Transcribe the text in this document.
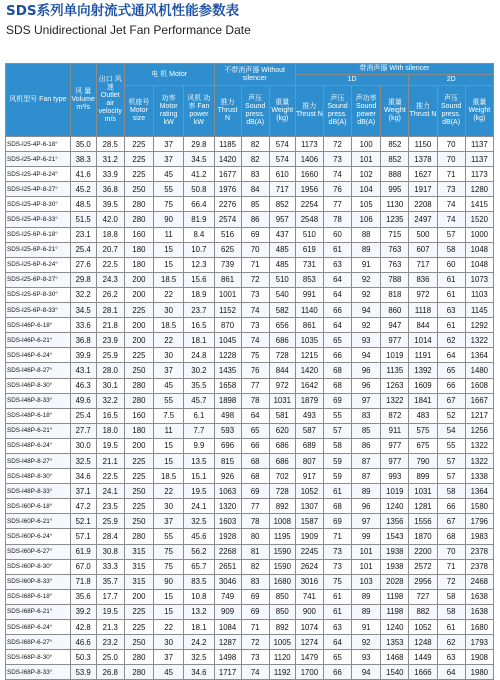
SDS系列单向射流式通风机性能参数表
SDS Unidirectional Jet Fan Performance Date
风机型号 Fan type	风 量 Volume m³/s	出口 风速 Outlet air velocity m/s	电 机 Motor			不带消声器 Without silencer			带消声器 With silencer						
									1D				2D		
			机座号 Motor size	功率 Motor rating kW	风机 功率 Fan power kW	推力 Thrust N	声压 Sound press. dB(A)	重量 Weight (kg)	推力 Thrust N	声压 Sound press. dB(A)	声功率 Sound power dB(A)	重量 Weight (kg)	推力 Thrust N	声压 Sound press. dB(A)	重量 Weight (kg)
SDS-I25-4P-6-18°	35.0	28.5	225	37	29.8	1185	82	574	1173	72	100	852	1150	70	1137
SDS-I25-4P-6-21°	38.3	31.2	225	37	34.5	1420	82	574	1406	73	101	852	1378	70	1137
SDS-I25-4P-6-24°	41.6	33.9	225	45	41.2	1677	83	610	1660	74	102	888	1627	71	1173
SDS-I25-4P-8-27°	45.2	36.8	250	55	50.8	1976	84	717	1956	76	104	995	1917	73	1280
SDS-I25-4P-8-30°	48.5	39.5	280	75	66.4	2276	85	852	2254	77	105	1130	2208	74	1415
SDS-I25-4P-8-33°	51.5	42.0	280	90	81.9	2574	86	957	2548	78	106	1235	2497	74	1520
SDS-I25-6P-6-18°	23.1	18.8	160	11	8.4	516	69	437	510	60	88	715	500	57	1000
SDS-I25-6P-6-21°	25.4	20.7	180	15	10.7	625	70	485	619	61	89	763	607	58	1048
SDS-I25-6P-6-24°	27.6	22.5	180	15	12.3	739	71	485	731	63	91	763	717	60	1048
SDS-I25-6P-8-27°	29.8	24.3	200	18.5	15.6	861	72	510	853	64	92	788	836	61	1073
SDS-I25-6P-8-30°	32.2	26.2	200	22	18.9	1001	73	540	991	64	92	818	972	61	1103
SDS-I25-6P-8-33°	34.5	28.1	225	30	23.7	1152	74	582	1140	66	94	860	1118	63	1145
SDS-I46P-6-18°	33.6	21.8	200	18.5	16.5	870	73	656	861	64	92	947	844	61	1292
SDS-I46P-6-21°	36.8	23.9	200	22	18.1	1045	74	686	1035	65	93	977	1014	62	1322
SDS-I46P-6-24°	39.9	25.9	225	30	24.8	1228	75	728	1215	66	94	1019	1191	64	1364
SDS-I46P-8-27°	43.1	28.0	250	37	30.2	1435	76	844	1420	68	96	1135	1392	65	1480
SDS-I46P-8-30°	46.3	30.1	280	45	35.5	1658	77	972	1642	68	96	1263	1609	66	1608
SDS-I46P-8-33°	49.6	32.2	280	55	45.7	1898	78	1031	1879	69	97	1322	1841	67	1667
SDS-I48P-6-18°	25.4	16.5	160	7.5	6.1	498	64	581	493	55	83	872	483	52	1217
SDS-I48P-6-21°	27.7	18.0	180	11	7.7	593	65	620	587	57	85	911	575	54	1256
SDS-I48P-6-24°	30.0	19.5	200	15	9.9	696	66	686	689	58	86	977	675	55	1322
SDS-I48P-8-27°	32.5	21.1	225	15	13.5	815	68	686	807	59	87	977	790	57	1322
SDS-I48P-8-30°	34.6	22.5	225	18.5	15.1	926	68	702	917	59	87	993	899	57	1338
SDS-I48P-8-33°	37.1	24.1	250	22	19.5	1063	69	728	1052	61	89	1019	1031	58	1364
SDS-I60P-6-18°	47.2	23.5	225	30	24.1	1320	77	892	1307	68	96	1240	1281	66	1580
SDS-I60P-6-21°	52.1	25.9	250	37	32.5	1603	78	1008	1587	69	97	1356	1556	67	1796
SDS-I60P-6-24°	57.1	28.4	280	55	45.6	1928	80	1195	1909	71	99	1543	1870	68	1983
SDS-I60P-6-27°	61.9	30.8	315	75	56.2	2268	81	1590	2245	73	101	1938	2200	70	2378
SDS-I60P-8-30°	67.0	33.3	315	75	65.7	2651	82	1590	2624	73	101	1938	2572	71	2378
SDS-I60P-8-33°	71.8	35.7	315	90	83.5	3046	83	1680	3016	75	103	2028	2956	72	2468
SDS-I68P-6-18°	35.6	17.7	200	15	10.8	749	69	850	741	61	89	1198	727	58	1638
SDS-I68P-6-21°	39.2	19.5	225	15	13.2	909	69	850	900	61	89	1198	882	58	1638
SDS-I68P-6-24°	42.8	21.3	225	22	18.1	1084	71	892	1074	63	91	1240	1052	61	1680
SDS-I68P-6-27°	46.6	23.2	250	30	24.2	1287	72	1005	1274	64	92	1353	1248	62	1793
SDS-I68P-8-30°	50.3	25.0	280	37	32.5	1498	73	1120	1479	65	93	1468	1449	63	1908
SDS-I68P-8-33°	53.9	26.8	280	45	34.6	1717	74	1192	1700	66	94	1540	1666	64	1980
